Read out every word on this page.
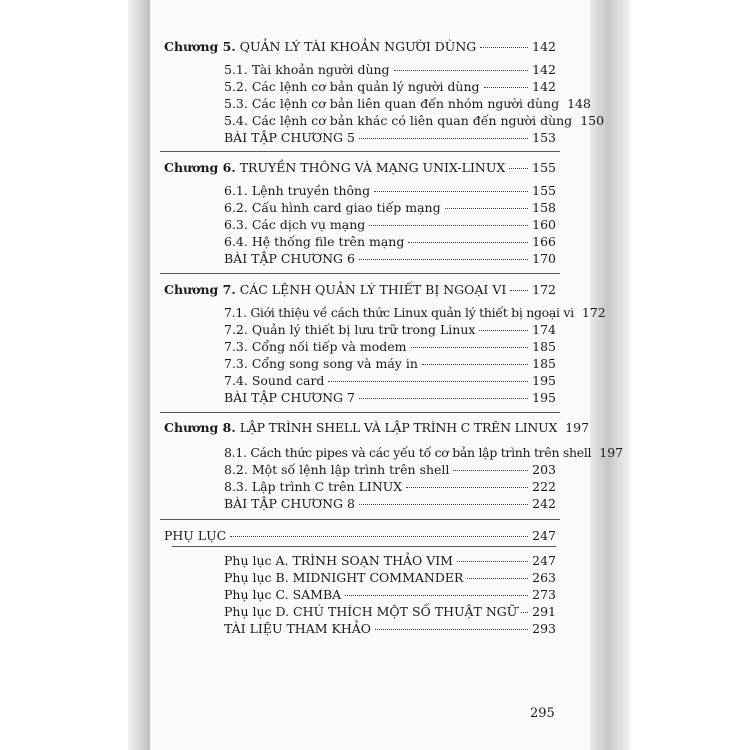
Chương 5. QUẢN LÝ TÀI KHOẢN NGƯỜI DÙNG	142
5.1. Tài khoản người dùng	142
5.2. Các lệnh cơ bản quản lý người dùng	142
5.3. Các lệnh cơ bản liên quan đến nhóm người dùng 148
5.4. Các lệnh cơ bản khác có liên quan đến người dùng 150
BÀI TẬP CHƯƠNG 5	153
Chương 6. TRUYỀN THÔNG VÀ MẠNG UNIX-LINUX 155
6.1. Lệnh truyền thông	155
6.2. Cấu hình card giao tiếp mạng	158
6.3. Các dịch vụ mạng	160
6.4. Hệ thống file trên mạng	166
BÀI TẬP CHƯƠNG 6	170
Chương 7. CÁC LỆNH QUẢN LÝ THIẾT BỊ NGOẠI VI 172
7.1. Giới thiệu về cách thức Linux quản lý thiết bị ngoại vi 172
7.2. Quản lý thiết bị lưu trữ trong Linux	174
7.3. Cổng nối tiếp và modem	185
7.3. Cổng song song và máy in	185
7.4. Sound card	195
BÀI TẬP CHƯƠNG 7	195
Chương 8. LẬP TRÌNH SHELL VÀ LẬP TRÌNH C TRÊN LINUX 197
8.1. Cách thức pipes và các yếu tố cơ bản lập trình trên shell 197
8.2. Một số lệnh lập trình trên shell	203
8.3. Lập trình C trên LINUX	222
BÀI TẬP CHƯƠNG 8	242
PHỤ LỤC	247
Phụ lục A. TRÌNH SOẠN THẢO VIM	247
Phụ lục B. MIDNIGHT COMMANDER	263
Phụ lục C. SAMBA	273
Phụ lục D. CHÚ THÍCH MỘT SỐ THUẬT NGỮ 291
TÀI LIỆU THAM KHẢO	293
295
